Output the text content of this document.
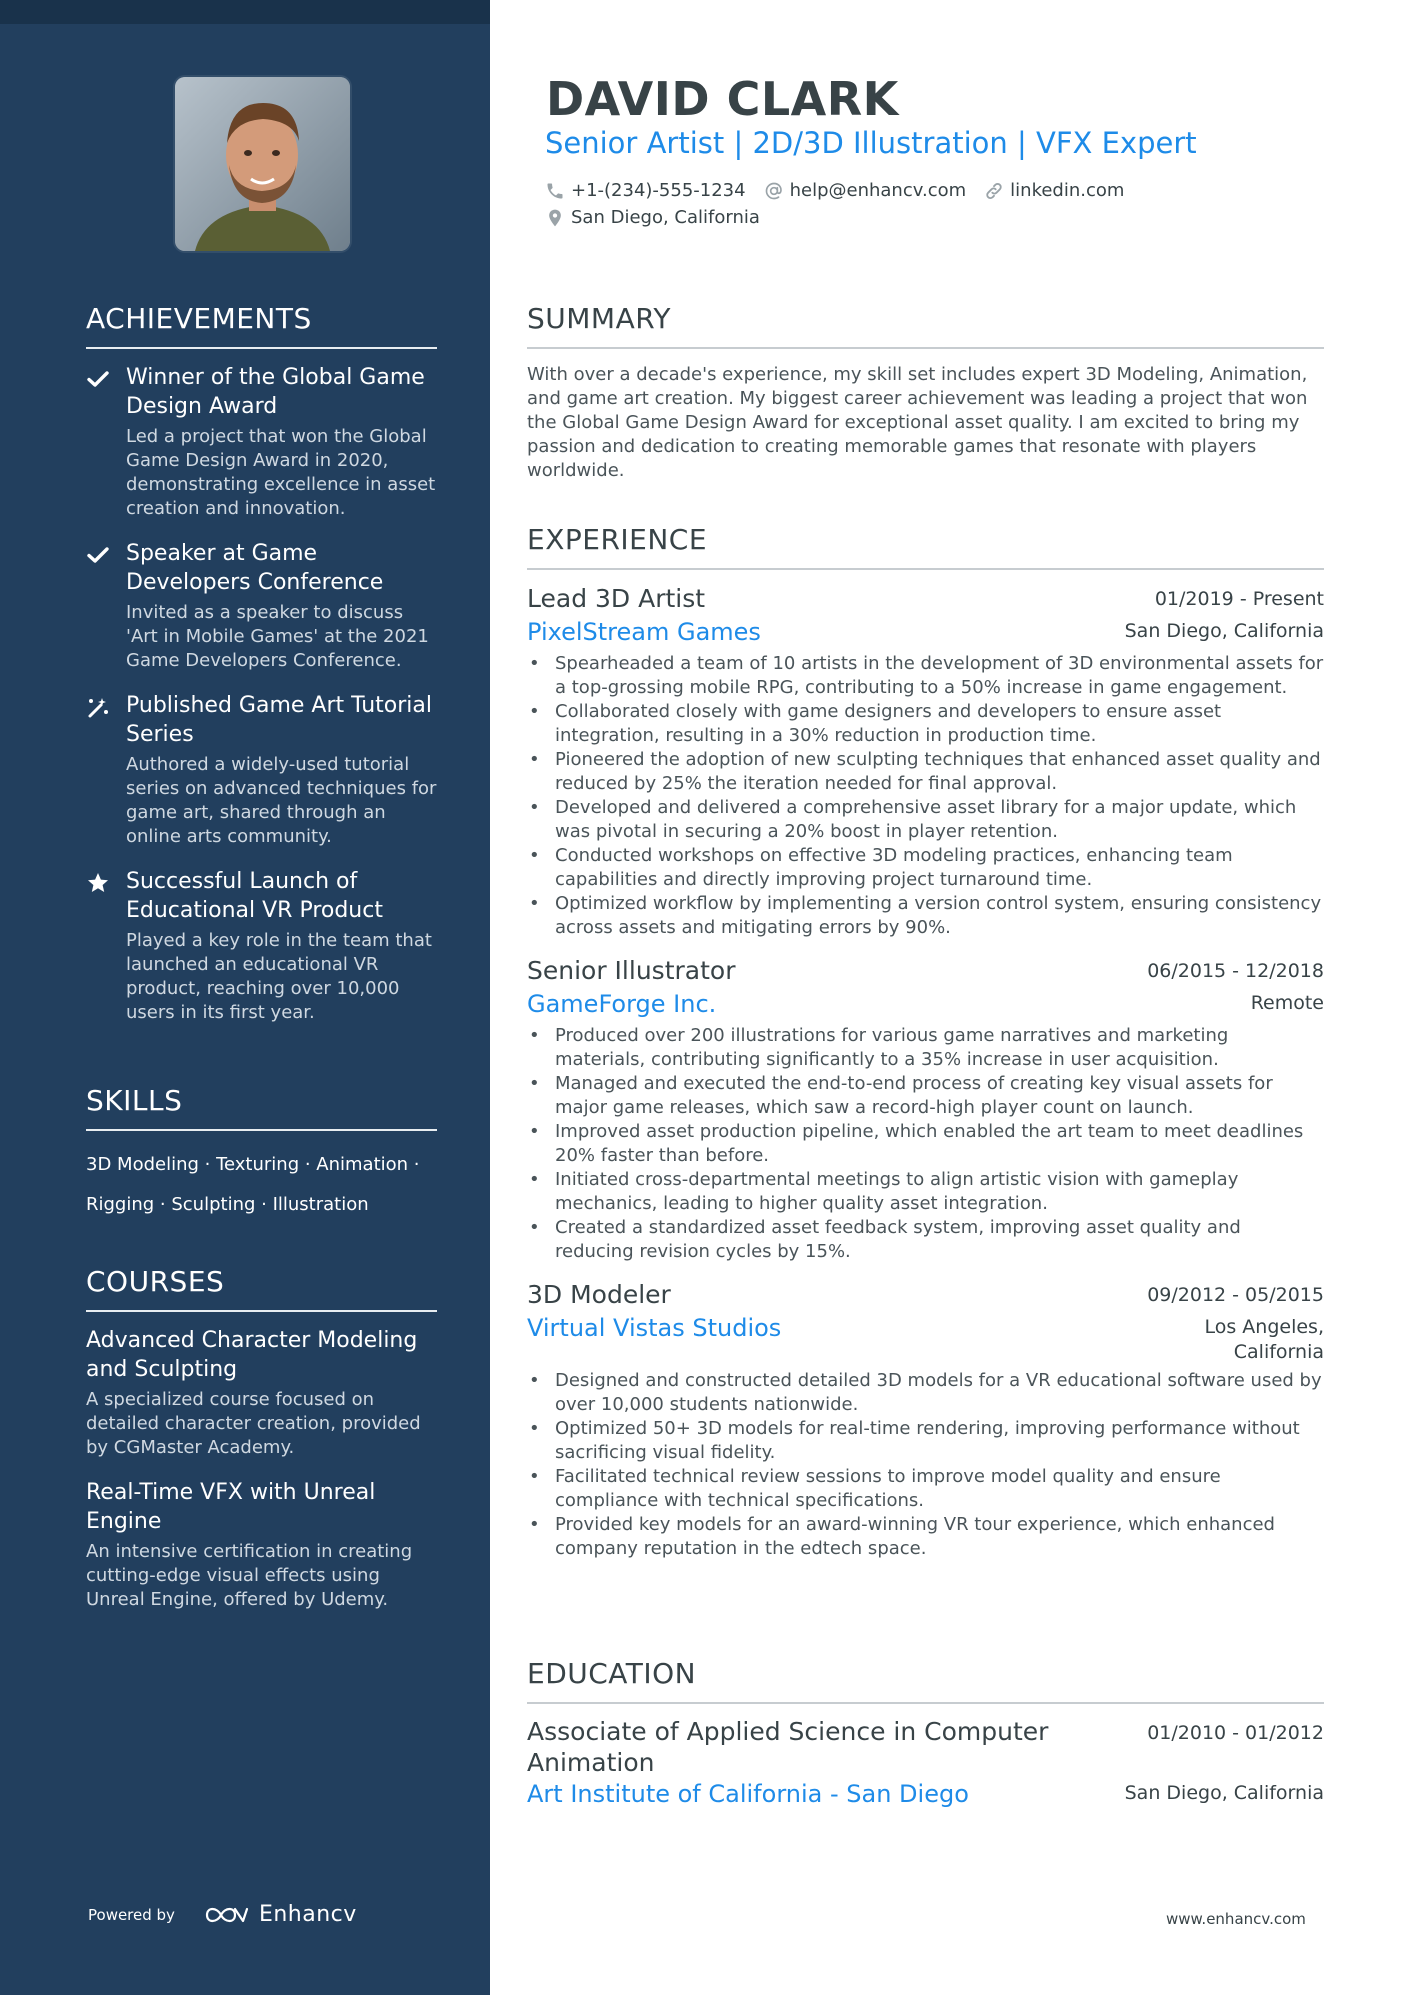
ACHIEVEMENTS
Winner of the Global Game Design Award
Led a project that won the Global Game Design Award in 2020, demonstrating excellence in asset creation and innovation.
Speaker at Game Developers Conference
Invited as a speaker to discuss 'Art in Mobile Games' at the 2021 Game Developers Conference.
Published Game Art Tutorial Series
Authored a widely-used tutorial series on advanced techniques for game art, shared through an online arts community.
Successful Launch of Educational VR Product
Played a key role in the team that launched an educational VR product, reaching over 10,000 users in its first year.
SKILLS
3D Modeling · Texturing · Animation ·
Rigging · Sculpting · Illustration
COURSES
Advanced Character Modeling and Sculpting
A specialized course focused on detailed character creation, provided by CGMaster Academy.
Real-Time VFX with Unreal Engine
An intensive certification in creating cutting-edge visual effects using Unreal Engine, offered by Udemy.
Powered by	Enhancv
DAVID CLARK
Senior Artist | 2D/3D Illustration | VFX Expert
+1-(234)-555-1234 help@enhancv.com linkedin.com
San Diego, California
SUMMARY
With over a decade's experience, my skill set includes expert 3D Modeling, Animation, and game art creation. My biggest career achievement was leading a project that won the Global Game Design Award for exceptional asset quality. I am excited to bring my passion and dedication to creating memorable games that resonate with players worldwide.
EXPERIENCE
Lead 3D Artist	01/2019 - Present
PixelStream Games	San Diego, California
• Spearheaded a team of 10 artists in the development of 3D environmental assets for a top-grossing mobile RPG, contributing to a 50% increase in game engagement.
• Collaborated closely with game designers and developers to ensure asset integration, resulting in a 30% reduction in production time.
• Pioneered the adoption of new sculpting techniques that enhanced asset quality and reduced by 25% the iteration needed for final approval.
• Developed and delivered a comprehensive asset library for a major update, which was pivotal in securing a 20% boost in player retention.
• Conducted workshops on effective 3D modeling practices, enhancing team capabilities and directly improving project turnaround time.
• Optimized workflow by implementing a version control system, ensuring consistency across assets and mitigating errors by 90%.
Senior Illustrator	06/2015 - 12/2018
GameForge Inc.	Remote
• Produced over 200 illustrations for various game narratives and marketing materials, contributing significantly to a 35% increase in user acquisition.
• Managed and executed the end-to-end process of creating key visual assets for major game releases, which saw a record-high player count on launch.
• Improved asset production pipeline, which enabled the art team to meet deadlines 20% faster than before.
• Initiated cross-departmental meetings to align artistic vision with gameplay mechanics, leading to higher quality asset integration.
• Created a standardized asset feedback system, improving asset quality and reducing revision cycles by 15%.
3D Modeler	09/2012 - 05/2015
Virtual Vistas Studios	Los Angeles,
California
• Designed and constructed detailed 3D models for a VR educational software used by over 10,000 students nationwide.
• Optimized 50+ 3D models for real-time rendering, improving performance without sacrificing visual fidelity.
• Facilitated technical review sessions to improve model quality and ensure compliance with technical specifications.
• Provided key models for an award-winning VR tour experience, which enhanced company reputation in the edtech space.
EDUCATION
Associate of Applied Science in Computer Animation
01/2010 - 01/2012
Art Institute of California - San Diego	San Diego, California
www.enhancv.com
